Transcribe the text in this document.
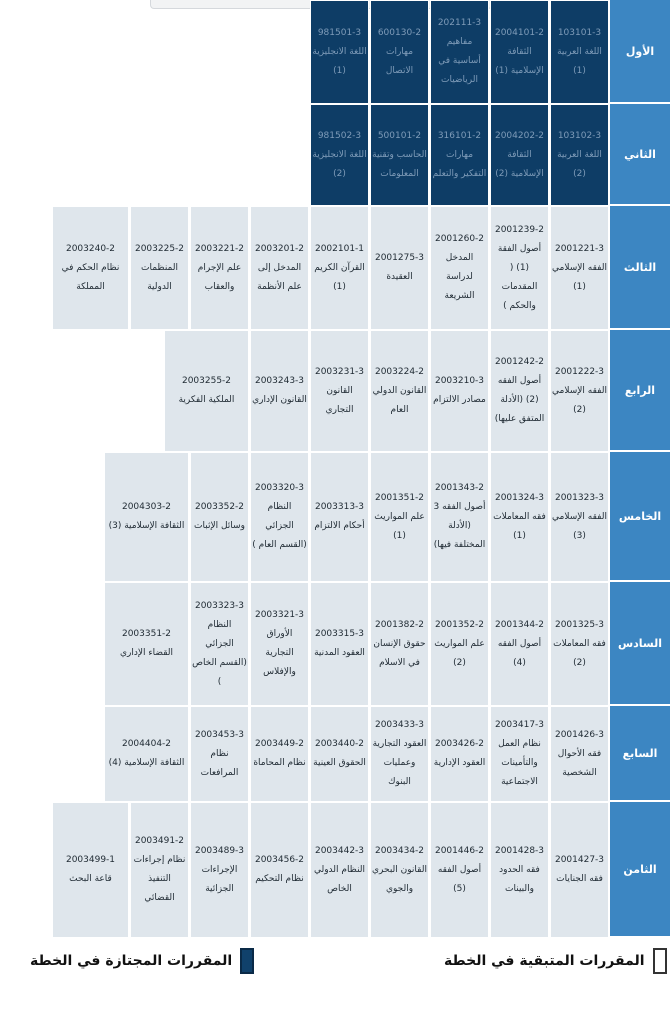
الأول
103101-3
اللغة العربية (1)
2004101-2
الثقافة الإسلامية (1)
202111-3
مفاهيم أساسية في الرياضيات
600130-2
مهارات الاتصال
981501-3
اللغة الانجليزية (1)
الثاني
103102-3
اللغة العربية (2)
2004202-2
الثقافة الإسلامية (2)
316101-2
مهارات التفكير والتعلم
500101-2
الحاسب وتقنية المعلومات
981502-3
اللغة الانجليزية (2)
الثالث
2001221-3
الفقه الإسلامي (1)
2001239-2
أصول الفقة (1) ( المقدمات والحكم )
2001260-2
المدخل لدراسة الشريعة
2001275-3
العقيدة
2002101-1
القرآن الكريم (1)
2003201-2
المدخل إلى علم الأنظمة
2003221-2
علم الإجرام والعقاب
2003225-2
المنظمات الدولية
2003240-2
نظام الحكم في المملكة
الرابع
2001222-3
الفقه الإسلامي (2)
2001242-2
أصول الفقه (2) (الأدلة المتفق عليها)
2003210-3
مصادر الالتزام
2003224-2
القانون الدولي العام
2003231-3
القانون التجاري
2003243-3
القانون الإداري
2003255-2
الملكية الفكرية
الخامس
2001323-3
الفقه الإسلامي (3)
2001324-3
فقه المعاملات (1)
2001343-2
أصول الفقه 3 (الأدلة المختلفة فيها)
2001351-2
علم المواريث (1)
2003313-3
أحكام الالتزام
2003320-3
النظام الجزائي (القسم العام )
2003352-2
وسائل الإثبات
2004303-2
الثقافة الإسلامية (3)
السادس
2001325-3
فقه المعاملات (2)
2001344-2
أصول الفقه (4)
2001352-2
علم المواريث (2)
2001382-2
حقوق الإنسان في الاسلام
2003315-3
العقود المدنية
2003321-3
الأوراق التجارية والإفلاس
2003323-3
النظام الجزائي (القسم الخاص )
2003351-2
القضاء الإداري
السابع
2001426-3
فقه الأحوال الشخصية
2003417-3
نظام العمل والتأمينات الاجتماعية
2003426-2
العقود الإدارية
2003433-3
العقود التجارية وعمليات البنوك
2003440-2
الحقوق العينية
2003449-2
نظام المحاماة
2003453-3
نظام المرافعات
2004404-2
الثقافة الإسلامية (4)
الثامن
2001427-3
فقه الجنايات
2001428-3
فقه الحدود والبينات
2001446-2
أصول الفقه (5)
2003434-2
القانون البحري والجوي
2003442-3
النظام الدولي الخاص
2003456-2
نظام التحكيم
2003489-3
الإجراءات الجزائية
2003491-2
نظام إجراءات التنفيذ القضائي
2003499-1
قاعة البحث
المقررات المتبقية في الخطة
المقررات المجتازة في الخطة
